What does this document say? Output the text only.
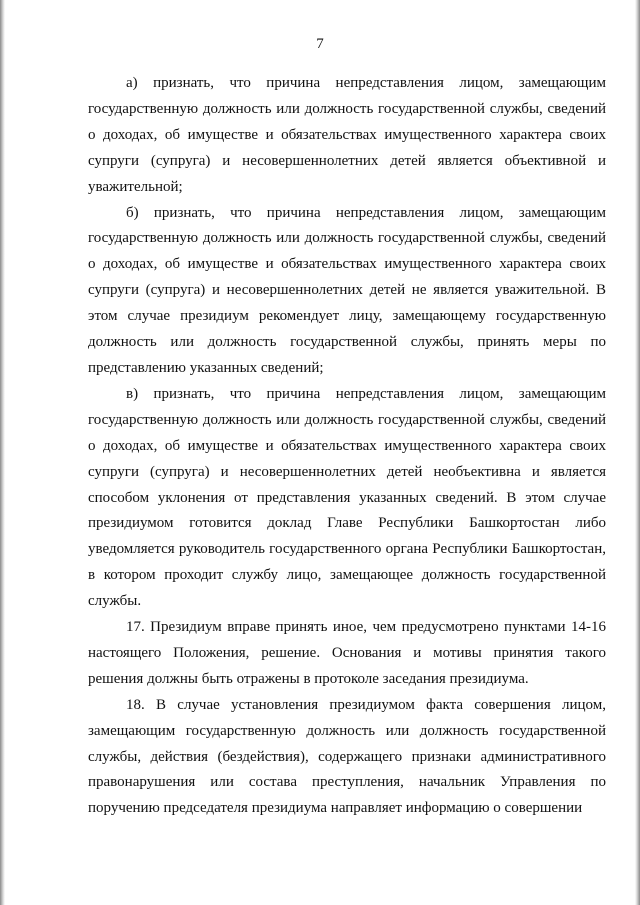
7

а) признать, что причина непредставления лицом, замещающим государственную должность или должность государственной службы, сведений о доходах, об имуществе и обязательствах имущественного характера своих супруги (супруга) и несовершеннолетних детей является объективной и уважительной;

б) признать, что причина непредставления лицом, замещающим государственную должность или должность государственной службы, сведений о доходах, об имуществе и обязательствах имущественного характера своих супруги (супруга) и несовершеннолетних детей не является уважительной. В этом случае президиум рекомендует лицу, замещающему государственную должность или должность государственной службы, принять меры по представлению указанных сведений;

в) признать, что причина непредставления лицом, замещающим государственную должность или должность государственной службы, сведений о доходах, об имуществе и обязательствах имущественного характера своих супруги (супруга) и несовершеннолетних детей необъективна и является способом уклонения от представления указанных сведений. В этом случае президиумом готовится доклад Главе Республики Башкортостан либо уведомляется руководитель государственного органа Республики Башкортостан, в котором проходит службу лицо, замещающее должность государственной службы.

17. Президиум вправе принять иное, чем предусмотрено пунктами 14-16 настоящего Положения, решение. Основания и мотивы принятия такого решения должны быть отражены в протоколе заседания президиума.

18. В случае установления президиумом факта совершения лицом, замещающим государственную должность или должность государственной службы, действия (бездействия), содержащего признаки административного правонарушения или состава преступления, начальник Управления по поручению председателя президиума направляет информацию о совершении
